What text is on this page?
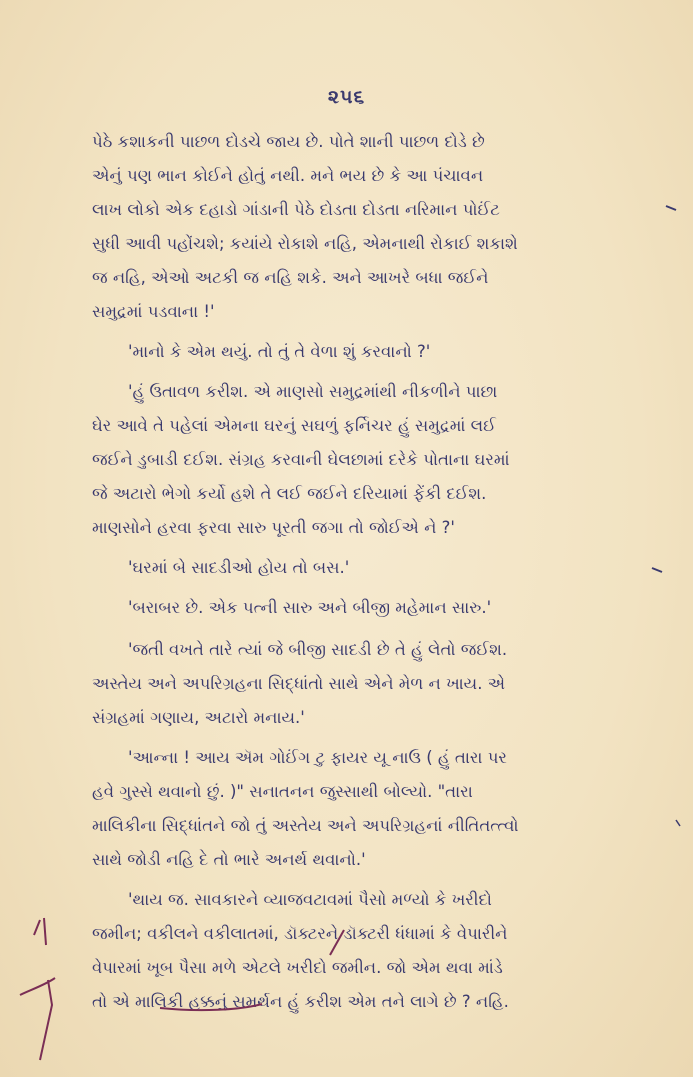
૨૫૬
પેઠે કશાકની પાછળ દોડચે જાય છે. પોતે શાની પાછળ દોડે છે
એનું પણ ભાન કોઈને હોતું નથી. મને ભય છે કે આ પંચાવન
લાખ લોકો એક દહાડો ગાંડાની પેઠે દોડતા દોડતા નરિમાન પોઈંટ
સુધી આવી પહોંચશે; કયાંયે રોકાશે નહિ, એમનાથી રોકાઈ શકાશે
જ નહિ, એઓ અટકી જ નહિ શકે. અને આખરે બધા જઈને
સમુદ્રમાં પડવાના !'
'માનો કે એમ થયું. તો તું તે વેળા શું કરવાનો ?'
'હું ઉતાવળ કરીશ. એ માણસો સમુદ્રમાંથી નીકળીને પાછા
ઘેર આવે તે પહેલાં એમના ઘરનું સઘળું ફર્નિચર હું સમુદ્રમાં લઈ
જઈને ડુબાડી દઈશ. સંગ્રહ કરવાની ઘેલછામાં દરેકે પોતાના ઘરમાં
જે અટારો ભેગો કર્યો હશે તે લઈ જઈને દરિયામાં ફેંકી દઈશ.
માણસોને હરવા ફરવા સારુ પૂરતી જગા તો જોઈએ ને ?'
'ઘરમાં બે સાદડીઓ હોય તો બસ.'
'બરાબર છે. એક પત્ની સારુ અને બીજી મહેમાન સારુ.'
'જતી વખતે તારે ત્યાં જે બીજી સાદડી છે તે હું લેતો જઈશ.
અસ્તેય અને અપરિગ્રહના સિદ્ધાંતો સાથે એને મેળ ન ખાય. એ
સંગ્રહમાં ગણાય, અટારો મનાય.'
'આન્ના ! આય ઍમ ગોઈંગ ટુ ફાયર યૂ નાઉ ( હું તારા પર
હવે ગુસ્સે થવાનો છું. )" સનાતનન જુસ્સાથી બોલ્યો. "તારા
માલિકીના સિદ્ધાંતને જો તું અસ્તેય અને અપરિગ્રહનાં નીતિતત્ત્વો
સાથે જોડી નહિ દે તો ભારે અનર્થ થવાનો.'
'થાય જ. સાવકારને વ્યાજવટાવમાં પૈસો મળ્યો કે ખરીદો
જમીન; વકીલને વકીલાતમાં, ડૉક્ટરને ડૉક્ટરી ધંધામાં કે વેપારીને
વેપારમાં ખૂબ પૈસા મળે એટલે ખરીદો જમીન. જો એમ થવા માંડે
તો એ માલિકી હક્કનું સમર્થન હું કરીશ એમ તને લાગે છે ? નહિ.
